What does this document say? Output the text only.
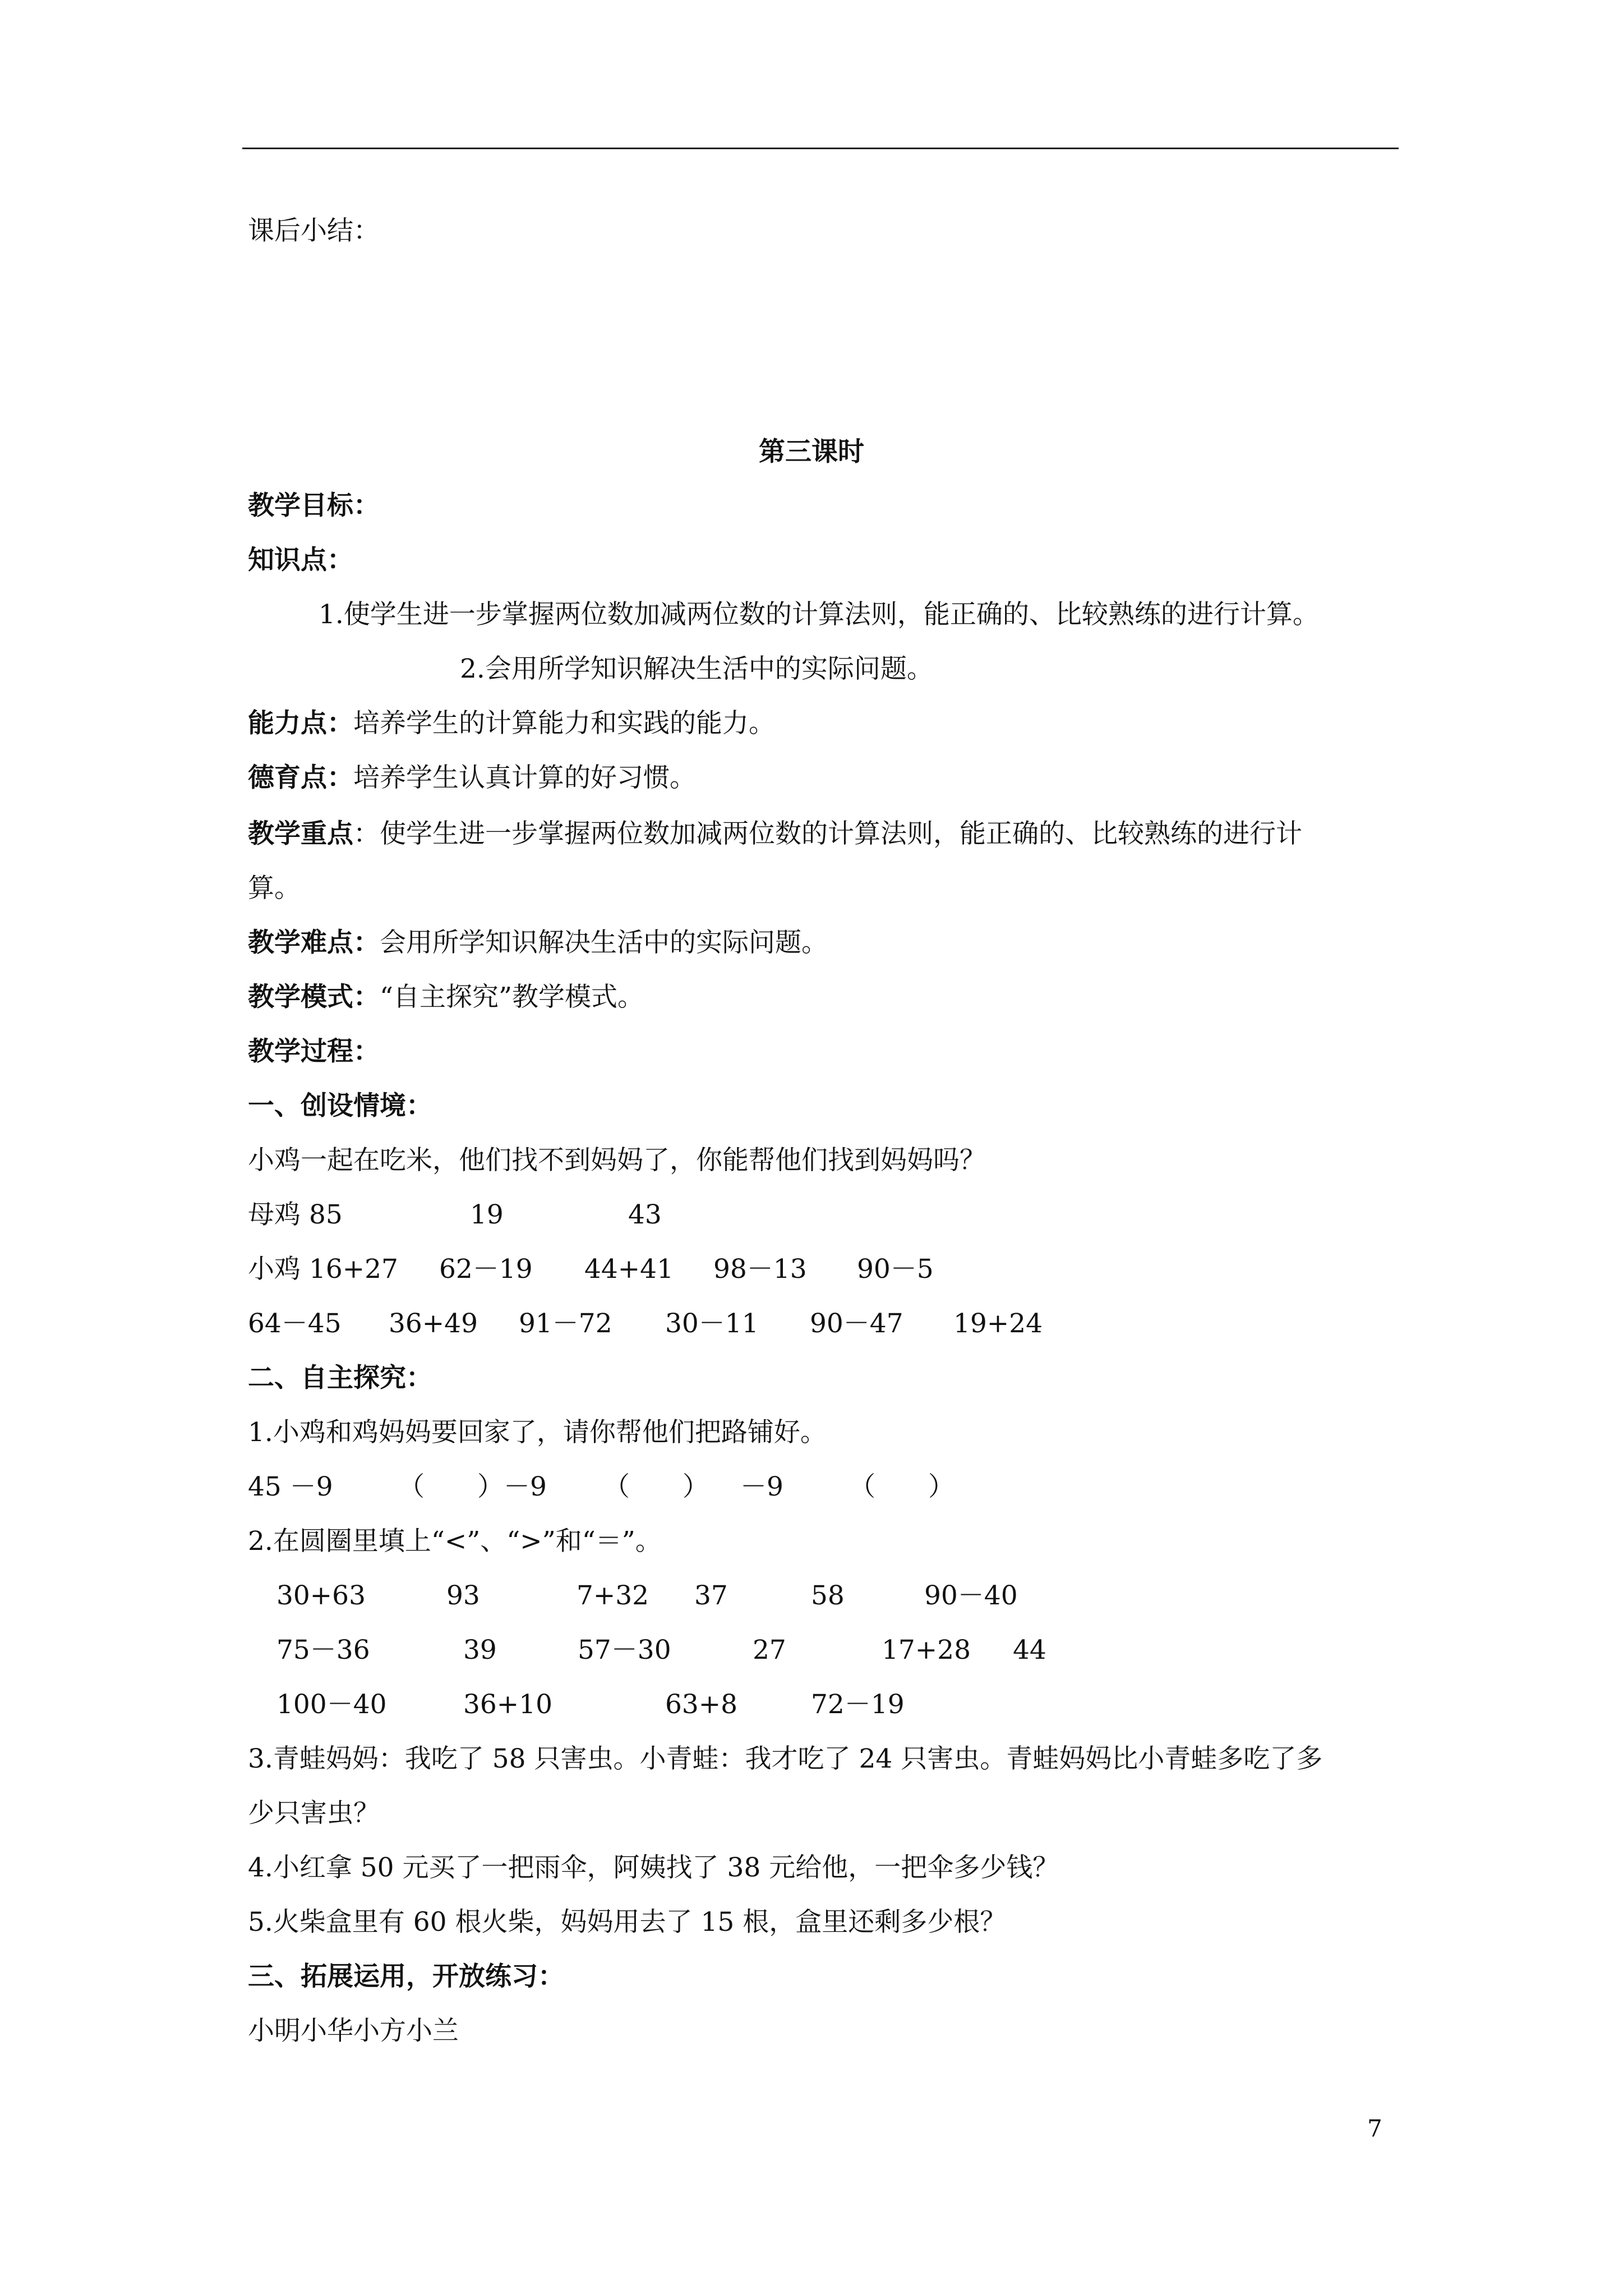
课后小结：
第三课时
教学目标：
知识点：
1.使学生进一步掌握两位数加减两位数的计算法则，能正确的、比较熟练的进行计算。
2.会用所学知识解决生活中的实际问题。
能力点：培养学生的计算能力和实践的能力。
德育点：培养学生认真计算的好习惯。
教学重点：使学生进一步掌握两位数加减两位数的计算法则，能正确的、比较熟练的进行计
算。
教学难点：会用所学知识解决生活中的实际问题。
教学模式：“自主探究”教学模式。
教学过程：
一、创设情境：
小鸡一起在吃米，他们找不到妈妈了，你能帮他们找到妈妈吗？
母鸡 85	19	43
小鸡 16+27 62－19 44+41 98－13 90－5
64－45 36+49 91－72 30－11 90－47 19+24
二、自主探究：
1.小鸡和鸡妈妈要回家了，请你帮他们把路铺好。
45 －9 （　　）－9 （　　） －9 （　　）
2.在圆圈里填上“<”、“>”和“＝”。
30+63	93	7+32 37	58	90－40
75－36	39	57－30	27	17+28 44
100－40	36+10	63+8	72－19
3.青蛙妈妈：我吃了 58 只害虫。小青蛙：我才吃了 24 只害虫。青蛙妈妈比小青蛙多吃了多
少只害虫？
4.小红拿 50 元买了一把雨伞，阿姨找了 38 元给他，一把伞多少钱？
5.火柴盒里有 60 根火柴，妈妈用去了 15 根，盒里还剩多少根？
三、拓展运用，开放练习：
小明小华小方小兰
7
